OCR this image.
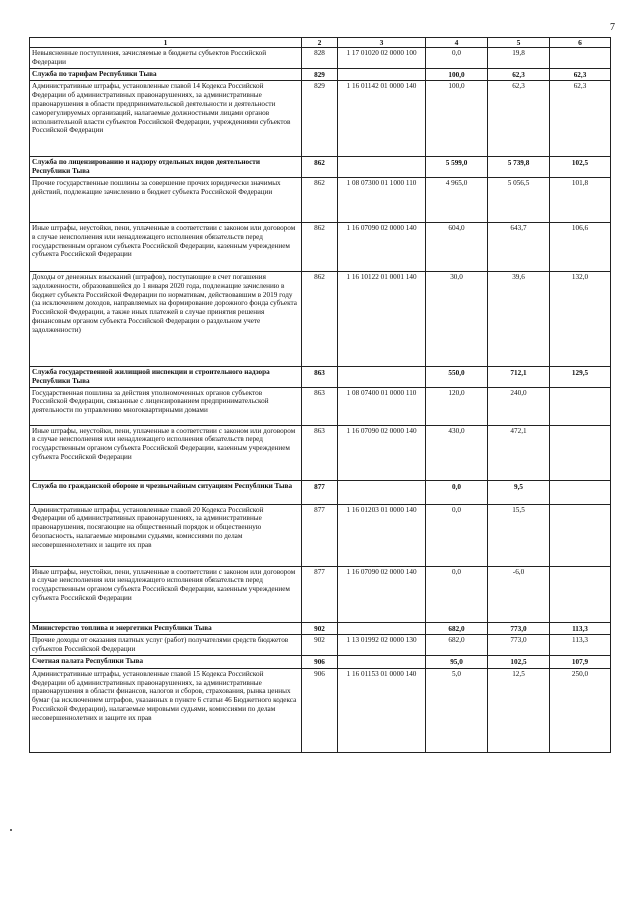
7
1	2	3	4	5	6
Невыясненные поступления, зачисляемые в бюджеты субъектов Российской Федерации	828	1 17 01020 02 0000 100	0,0	19,8	
Служба по тарифам Республики Тыва	829		100,0	62,3	62,3
Административные штрафы, установленные главой 14 Кодекса Российской Федерации об административных правонарушениях, за административные правонарушения в области предпринимательской деятельности и деятельности саморегулируемых организаций, налагаемые должностными лицами органов исполнительной власти субъектов Российской Федерации, учреждениями субъектов Российской Федерации	829	1 16 01142 01 0000 140	100,0	62,3	62,3
Служба по лицензированию и надзору отдельных видов деятельности Республики Тыва	862		5 599,0	5 739,8	102,5
Прочие государственные пошлины за совершение прочих юридически значимых действий, подлежащие зачислению в бюджет субъекта Российской Федерации	862	1 08 07300 01 1000 110	4 965,0	5 056,5	101,8
Иные штрафы, неустойки, пени, уплаченные в соответствии с законом или договором в случае неисполнения или ненадлежащего исполнения обязательств перед государственным органом субъекта Российской Федерации, казенным учреждением субъекта Российской Федерации	862	1 16 07090 02 0000 140	604,0	643,7	106,6
Доходы от денежных взысканий (штрафов), поступающие в счет погашения задолженности, образовавшейся до 1 января 2020 года, подлежащие зачислению в бюджет субъекта Российской Федерации по нормативам, действовавшим в 2019 году (за исключением доходов, направляемых на формирование дорожного фонда субъекта Российской Федерации, а также иных платежей в случае принятия решения финансовым органом субъекта Российской Федерации о раздельном учете задолженности)	862	1 16 10122 01 0001 140	30,0	39,6	132,0
Служба государственной жилищной инспекции и строительного надзора Республики Тыва	863		550,0	712,1	129,5
Государственная пошлина за действия уполномоченных органов субъектов Российской Федерации, связанные с лицензированием предпринимательской деятельности по управлению многоквартирными домами	863	1 08 07400 01 0000 110	120,0	240,0	
Иные штрафы, неустойки, пени, уплаченные в соответствии с законом или договором в случае неисполнения или ненадлежащего исполнения обязательств перед государственным органом субъекта Российской Федерации, казенным учреждением субъекта Российской Федерации	863	1 16 07090 02 0000 140	430,0	472,1	
Служба по гражданской обороне и чрезвычайным ситуациям Республики Тыва	877		0,0	9,5	
Административные штрафы, установленные главой 20 Кодекса Российской Федерации об административных правонарушениях, за административные правонарушения, посягающие на общественный порядок и общественную безопасность, налагаемые мировыми судьями, комиссиями по делам несовершеннолетних и защите их прав	877	1 16 01203 01 0000 140	0,0	15,5	
Иные штрафы, неустойки, пени, уплаченные в соответствии с законом или договором в случае неисполнения или ненадлежащего исполнения обязательств перед государственным органом субъекта Российской Федерации, казенным учреждением субъекта Российской Федерации	877	1 16 07090 02 0000 140	0,0	-6,0	
Министерство топлива и энергетики Республики Тыва	902		682,0	773,0	113,3
Прочие доходы от оказания платных услуг (работ) получателями средств бюджетов субъектов Российской Федерации	902	1 13 01992 02 0000 130	682,0	773,0	113,3
Счетная палата Республики Тыва	906		95,0	102,5	107,9
Административные штрафы, установленные главой 15 Кодекса Российской Федерации об административных правонарушениях, за административные правонарушения в области финансов, налогов и сборов, страхования, рынка ценных бумаг (за исключением штрафов, указанных в пункте 6 статьи 46 Бюджетного кодекса Российской Федерации), налагаемые мировыми судьями, комиссиями по делам несовершеннолетних и защите их прав	906	1 16 01153 01 0000 140	5,0	12,5	250,0
